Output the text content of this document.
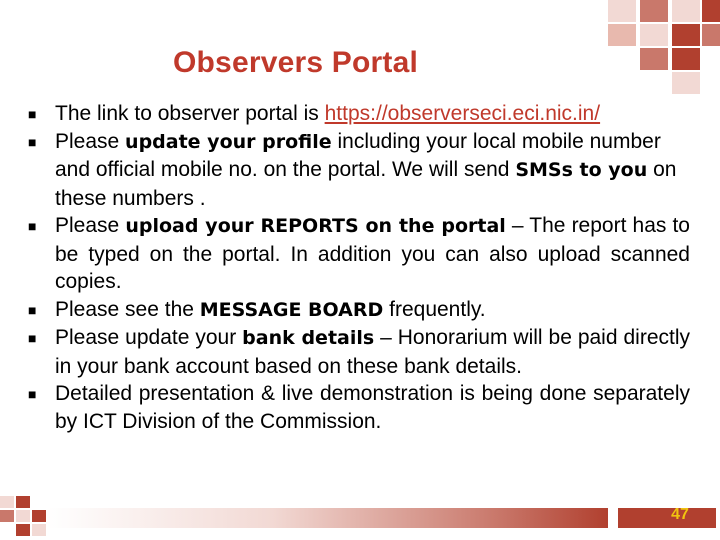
Observers Portal
■ The link to observer portal is https://observerseci.eci.nic.in/
■ Please update your profile including your local mobile number and official mobile no. on the portal. We will send SMSs to you on these numbers .
■ Please upload your REPORTS on the portal – The report has to be typed on the portal. In addition you can also upload scanned copies.
■ Please see the MESSAGE BOARD frequently.
■ Please update your bank details – Honorarium will be paid directly in your bank account based on these bank details.
■ Detailed presentation & live demonstration is being done separately by ICT Division of the Commission.
47
